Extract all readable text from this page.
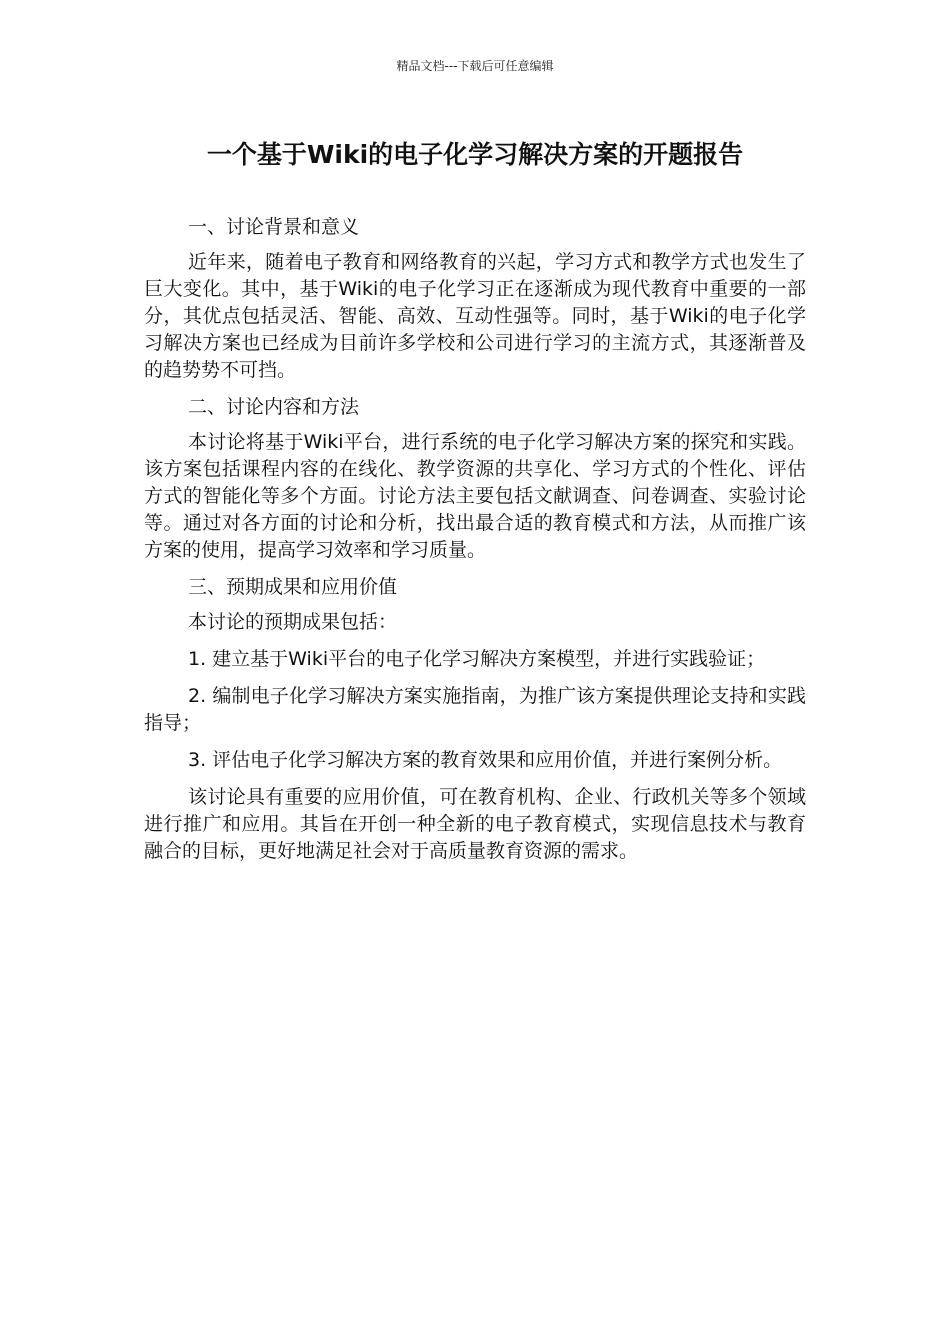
精品文档---下载后可任意编辑
一个基于Wiki的电子化学习解决方案的开题报告

一、讨论背景和意义

近年来，随着电子教育和网络教育的兴起，学习方式和教学方式也发生了巨大变化。其中，基于Wiki的电子化学习正在逐渐成为现代教育中重要的一部分，其优点包括灵活、智能、高效、互动性强等。同时，基于Wiki的电子化学习解决方案也已经成为目前许多学校和公司进行学习的主流方式，其逐渐普及的趋势势不可挡。

二、讨论内容和方法

本讨论将基于Wiki平台，进行系统的电子化学习解决方案的探究和实践。该方案包括课程内容的在线化、教学资源的共享化、学习方式的个性化、评估方式的智能化等多个方面。讨论方法主要包括文献调查、问卷调查、实验讨论等。通过对各方面的讨论和分析，找出最合适的教育模式和方法，从而推广该方案的使用，提高学习效率和学习质量。

三、预期成果和应用价值

本讨论的预期成果包括：

1. 建立基于Wiki平台的电子化学习解决方案模型，并进行实践验证；

2. 编制电子化学习解决方案实施指南，为推广该方案提供理论支持和实践指导；

3. 评估电子化学习解决方案的教育效果和应用价值，并进行案例分析。

该讨论具有重要的应用价值，可在教育机构、企业、行政机关等多个领域进行推广和应用。其旨在开创一种全新的电子教育模式，实现信息技术与教育融合的目标，更好地满足社会对于高质量教育资源的需求。
